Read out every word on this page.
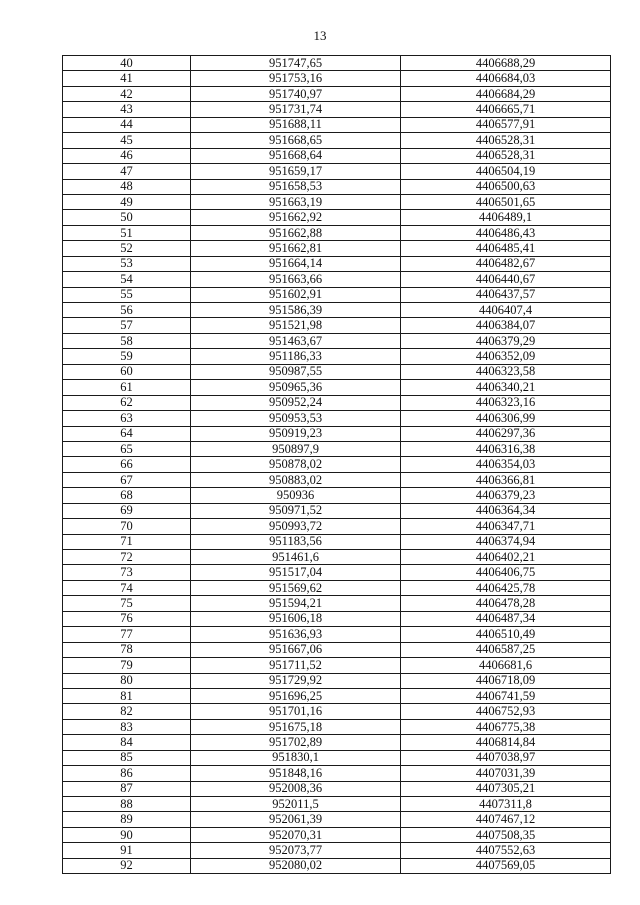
13
40	951747,65	4406688,29
41	951753,16	4406684,03
42	951740,97	4406684,29
43	951731,74	4406665,71
44	951688,11	4406577,91
45	951668,65	4406528,31
46	951668,64	4406528,31
47	951659,17	4406504,19
48	951658,53	4406500,63
49	951663,19	4406501,65
50	951662,92	4406489,1
51	951662,88	4406486,43
52	951662,81	4406485,41
53	951664,14	4406482,67
54	951663,66	4406440,67
55	951602,91	4406437,57
56	951586,39	4406407,4
57	951521,98	4406384,07
58	951463,67	4406379,29
59	951186,33	4406352,09
60	950987,55	4406323,58
61	950965,36	4406340,21
62	950952,24	4406323,16
63	950953,53	4406306,99
64	950919,23	4406297,36
65	950897,9	4406316,38
66	950878,02	4406354,03
67	950883,02	4406366,81
68	950936	4406379,23
69	950971,52	4406364,34
70	950993,72	4406347,71
71	951183,56	4406374,94
72	951461,6	4406402,21
73	951517,04	4406406,75
74	951569,62	4406425,78
75	951594,21	4406478,28
76	951606,18	4406487,34
77	951636,93	4406510,49
78	951667,06	4406587,25
79	951711,52	4406681,6
80	951729,92	4406718,09
81	951696,25	4406741,59
82	951701,16	4406752,93
83	951675,18	4406775,38
84	951702,89	4406814,84
85	951830,1	4407038,97
86	951848,16	4407031,39
87	952008,36	4407305,21
88	952011,5	4407311,8
89	952061,39	4407467,12
90	952070,31	4407508,35
91	952073,77	4407552,63
92	952080,02	4407569,05
